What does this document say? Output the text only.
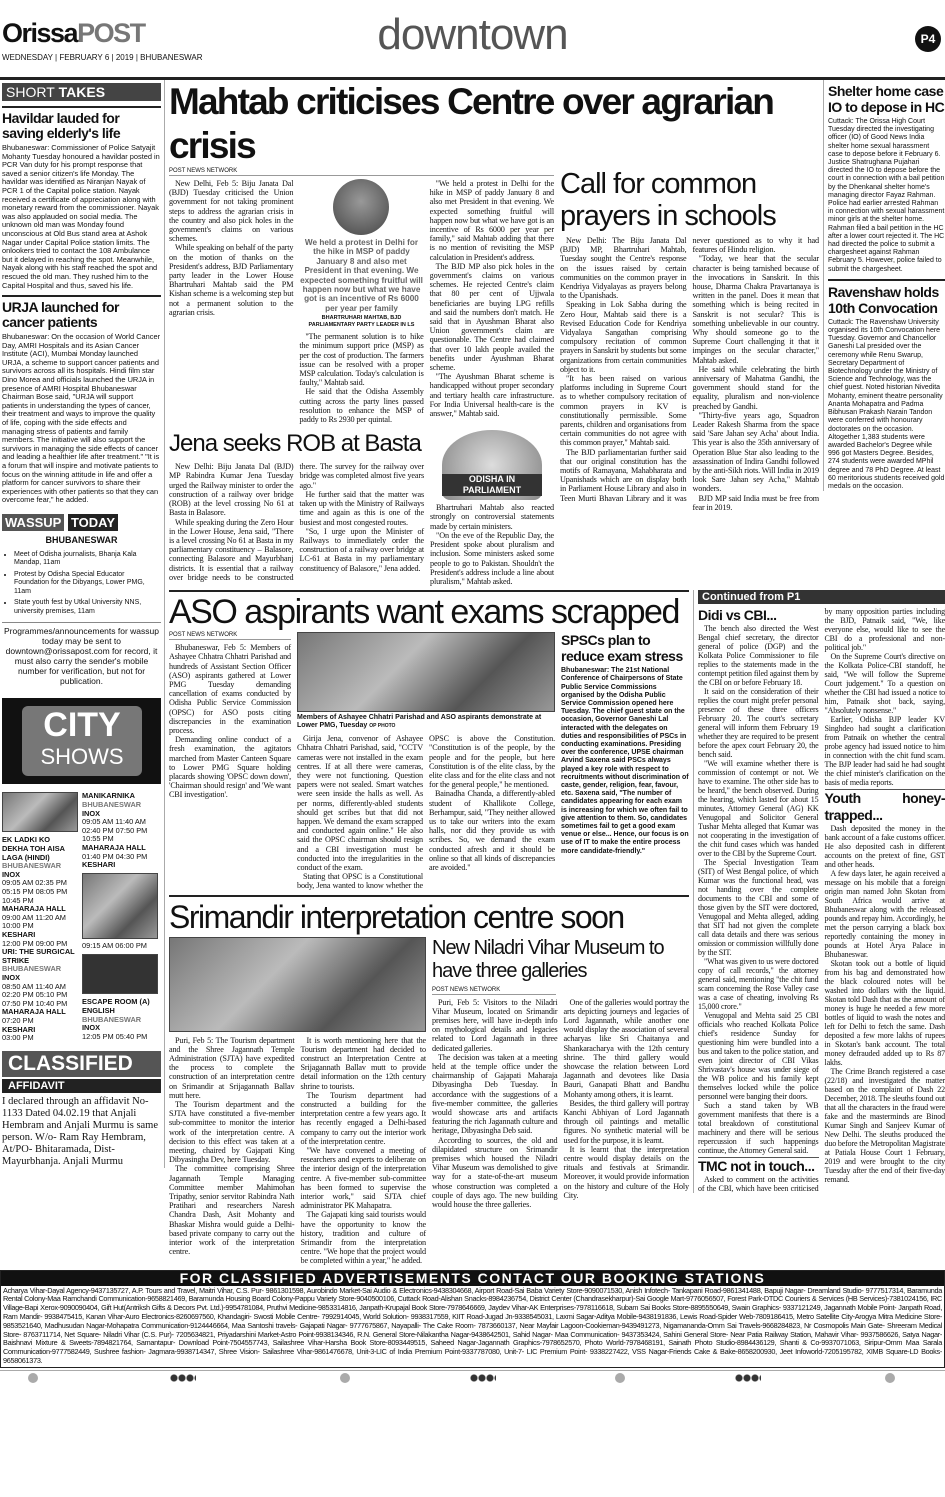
OrissaPOST
WEDNESDAY | FEBRUARY 6 | 2019 | BHUBANESWAR	downtown	P4
SHORT TAKES
Havildar lauded for saving elderly's life
Bhubaneswar: Commissioner of Police Satyajit Mohanty Tuesday honoured a havildar posted in PCR Van duty for his prompt response that saved a senior citizen's life Monday. The havildar was identified as Niranjan Nayak of PCR 1 of the Capital police station. Nayak received a certificate of appreciation along with monetary reward from the commissioner. Nayak was also applauded on social media. The unknown old man was Monday found unconscious at Old Bus stand area at Ashok Nagar under Capital Police station limits. The onlookers tried to contact the 108 Ambulance but it delayed in reaching the spot. Meanwhile, Nayak along with his staff reached the spot and rescued the old man. They rushed him to the Capital Hospital and thus, saved his life.
URJA launched for cancer patients
Bhubaneswar: On the occasion of World Cancer Day, AMRI Hospitals and its Asian Cancer Institute (ACI), Mumbai Monday launched URJA, a scheme to support cancer patients and survivors across all its hospitals. Hindi film star Dino Morea and officials launched the URJA in presence of AMRI Hospital Bhubaneswar Chairman Bose said, "URJA will support patients in understanding the types of cancer, their treatment and ways to improve the quality of life, coping with the side effects and managing stress of patients and family members. The initiative will also support the survivors in managing the side effects of cancer and leading a healthier life after treatment." "It is a forum that will inspire and motivate patients to focus on the winning attitude in life and offer a platform for cancer survivors to share their experiences with other patients so that they can overcome fear," he added.
WASSUP TODAY
BHUBANESWAR
• Meet of Odisha journalists, Bhanja Kala Mandap, 11am
• Protest by Odisha Special Educator Foundation for the Dibyangs, Lower PMG, 11am
• State youth fest by Utkal University NNS, university premises, 11am
Programmes/announcements for wassup today may be sent to downtown@orissapost.com for record, it must also carry the sender's mobile number for verification, but not for publication.
CITY
SHOWS
EK LADKI KO DEKHA TOH AISA LAGA (HINDI)
BHUBANESWAR
INOX
09:05 AM 02:35 PM 05:15 PM 08:05 PM 10:45 PM
MAHARAJA HALL
09:00 AM 11:20 AM 10:00 PM
KESHARI
12:00 PM 09:00 PM
URI: THE SURGICAL STRIKE
BHUBANESWAR
INOX
08:50 AM 11:40 AM 02:20 PM 05:10 PM 07:50 PM 10:40 PM
MAHARAJA HALL
07:20 PM
KESHARI
03:00 PM
MANIKARNIKA
BHUBANESWAR
INOX
09:05 AM 11:40 AM 02:40 PM 07:50 PM 10:55 PM
MAHARAJA HALL
01:40 PM 04:30 PM
KESHARI
09:15 AM 06:00 PM
ESCAPE ROOM (A) ENGLISH
BHUBANESWAR
INOX
12:05 PM 05:40 PM
CLASSIFIED
AFFIDAVIT
I declared through an affidavit No- 1133 Dated 04.02.19 that Anjali Hembram and Anjali Murmu is same person. W/o- Ram Ray Hembram, At/PO- Bhitaramada, Dist- Mayurbhanja. Anjali Murmu
Mahtab criticises Centre over agrarian crisis
POST NEWS NETWORK

New Delhi, Feb 5: Biju Janata Dal (BJD) Tuesday criticised the Union government for not taking prominent steps to address the agrarian crisis in the country and also pick holes in the government's claims on various schemes.

While speaking on behalf of the party on the motion of thanks on the President's address, BJD Parliamentary party leader in the Lower House Bhartruhari Mahtab said the PM Kishan scheme is a welcoming step but not a permanent solution to the agrarian crisis.

We held a protest in Delhi for the hike in MSP of paddy January 8 and also met President in that evening. We expected something fruitful will happen now but what we have got is an incentive of Rs 6000 per year per family
BHARTRUHARI MAHTAB, BJD PARLIAMENTARY PARTY LEADER IN LS

"The permanent solution is to hike the minimum support price (MSP) as per the cost of production. The farmers issue can be resolved with a proper MSP calculation. Today's calculation is faulty," Mahtab said.

He said that the Odisha Assembly cutting across the party lines passed resolution to enhance the MSP of paddy to Rs 2930 per quintal.

"We held a protest in Delhi for the hike in MSP of paddy January 8 and also met President in that evening. We expected something fruitful will happen now but what we have got is an incentive of Rs 6000 per year per family," said Mahtab adding that there is no mention of revisiting the MSP calculation in President's address.

The BJD MP also pick holes in the government's claims on various schemes. He rejected Centre's claim that 80 per cent of Ujjwala beneficiaries are buying LPG refills and said the numbers don't match. He said that in Ayushman Bharat also Union government's claim are questionable. The Centre had claimed that over 10 lakh people availed the benefits under Ayushman Bharat scheme.

"The Ayushman Bharat scheme is handicapped without proper secondary and tertiary health care infrastructure. For India Universal health-care is the answer," Mahtab said.

Jena seeks ROB at Basta

New Delhi: Biju Janata Dal (BJD) MP Rabindra Kumar Jena Tuesday urged the Railway minister to order the construction of a railway over bridge (ROB) at the level crossing No 61 at Basta in Balasore.

While speaking during the Zero Hour in the Lower House, Jena said, "There is a level crossing No 61 at Basta in my parliamentary constituency – Balasore, connecting Balasore and Mayurbhanj districts. It is essential that a railway over bridge needs to be constructed there. The survey for the railway over bridge was completed almost five years ago."

He further said that the matter was taken up with the Ministry of Railways time and again as this is one of the busiest and most congested routes.

"So, I urge upon the Minister of Railways to immediately order the construction of a railway over bridge at LC-61 at Basta in my parliamentary constituency of Balasore," Jena added.

ODISHA IN PARLIAMENT

Bhartruhari Mahtab also reacted strongly on controversial statements made by certain ministers.

"On the eve of the Republic Day, the President spoke about pluralism and inclusion. Some ministers asked some people to go to Pakistan. Shouldn't the President's address include a line about pluralism," Mahtab asked.

Call for common prayers in schools

New Delhi: The Biju Janata Dal (BJD) MP, Bhartruhari Mahtab, Tuesday sought the Centre's response on the issues raised by certain communities on the common prayer in Kendriya Vidyalayas as prayers belong to the Upanishads.

Speaking in Lok Sabha during the Zero Hour, Mahtab said there is a Revised Education Code for Kendriya Vidyalaya Sangathan comprising compulsory recitation of common prayers in Sanskrit by students but some organizations from certain communities object to it.

"It has been raised on various platforms including in Supreme Court as to whether compulsory recitation of common prayers in KV is constitutionally permissible. Some parents, children and organisations from certain communities do not agree with this common prayer," Mahtab said.

The BJD parliamentarian further said that our original constitution has the motifs of Ramayana, Mahabharata and Upanishads which are on display both in Parliament House Library and also in Teen Murti Bhavan Library and it was never questioned as to why it had features of Hindu religion.

"Today, we hear that the secular character is being tarnished because of the invocations in Sanskrit. In this house, Dharma Chakra Pravartanaya is written in the panel. Does it mean that something which is being recited in Sanskrit is not secular? This is something unbelievable in our country. Why should someone go to the Supreme Court challenging it that it impinges on the secular character," Mahtab asked.

He said while celebrating the birth anniversary of Mahatma Gandhi, the government should stand for the equality, pluralism and non-violence preached by Gandhi.

"Thirty-five years ago, Squadron Leader Rakesh Sharma from the space said 'Sare Jahan sey Acha' about India. This year is also the 35th anniversary of Operation Blue Star also leading to the assassination of Indira Gandhi followed by the anti-Sikh riots. Will India in 2019 look Sare Jahan sey Acha," Mahtab wonders.

BJD MP said India must be free from fear in 2019.

Shelter home case IO to depose in HC
Cuttack: The Orissa High Court Tuesday directed the investigating officer (IO) of Good News India shelter home sexual harassment case to depose before it February 6. Justice Shatrughana Pujahari directed the IO to depose before the court in connection with a bail petition by the Dhenkanal shelter home's managing director Fayaz Rahman. Police had earlier arrested Rahman in connection with sexual harassment minor girls at the shelter home. Rahman filed a bail petition in the HC after a lower court rejected it. The HC had directed the police to submit a chargesheet against Rahman February 5. However, police failed to submit the chargesheet.
Ravenshaw holds 10th Convocation
Cuttack: The Ravenshaw University organised its 10th Convocation here Tuesday. Governor and Chancellor Ganeshi Lal presided over the ceremony while Renu Swarup, Secretary Department of Biotechnology under the Ministry of Science and Technology, was the chief guest. Noted historian Nivedita Mohanty, eminent theatre personality Ananta Mohapatra and Padma Bibhusan Prakash Narain Tandon were conferred with honourary doctorates on the occasion. Altogether 1,383 students were awarded Bachelor's Degree while 996 got Masters Degree. Besides, 274 students were awarded MPhil degree and 78 PhD Degree. At least 60 meritorious students received gold medals on the occasion.
ASO aspirants want exams scrapped
POST NEWS NETWORK

Bhubaneswar, Feb 5: Members of Ashayee Chhatra Chhatri Parishad and hundreds of Assistant Section Officer (ASO) aspirants gathered at Lower PMG Tuesday demanding cancellation of exams conducted by Odisha Public Service Commission (OPSC) for ASO posts citing discrepancies in the examination process.

Demanding online conduct of a fresh examination, the agitators marched from Master Canteen Square to Lower PMG Square holding placards showing 'OPSC down down', 'Chairman should resign' and 'We want CBI investigation'.

Members of Ashayee Chhatri Parishad and ASO aspirants demonstrate at Lower PMG, Tuesday OP PHOTO

Girija Jena, convenor of Ashayee Chhatra Chhatri Parishad, said, "CCTV cameras were not installed in the exam centres. If at all there were cameras, they were not functioning. Question papers were not sealed. Smart watches were seen inside the halls as well. As per norms, differently-abled students should get scribes but that did not happen. We demand the exam scrapped and conducted again online." He also said the OPSC chairman should resign and a CBI investigation must be conducted into the irregularities in the conduct of the exam.

Stating that OPSC is a Constitutional body, Jena wanted to know whether the OPSC is above the Constitution. "Constitution is of the people, by the people and for the people, but here Constitution is of the elite class, by the elite class and for the elite class and not for the general people," he mentioned.

Bainadha Chanda, a differently-abled student of Khallikote College, Berhampur, said, "They neither allowed us to take our writers into the exam halls, nor did they provide us with scribes. So, we demand the exam conducted afresh and it should be online so that all kinds of discrepancies are avoided."

SPSCs plan to reduce exam stress
Bhubaneswar: The 21st National Conference of Chairpersons of State Public Service Commissions organised by the Odisha Public Service Commission opened here Tuesday. The chief guest state on the occasion, Governor Ganeshi Lal interacted with the delegates on duties and responsibilities of PSCs in conducting examinations. Presiding over the conference, UPSE chairman Arvind Saxena said PSCs always played a key role with respect to recruitments without discrimination of caste, gender, religion, fear, favour, etc. Saxena said, "The number of candidates appearing for each exam is increasing for which we often fail to give attention to them. So, candidates sometimes fail to get a good exam venue or else... Hence, our focus is on use of IT to make the entire process more candidate-friendly."
Srimandir interpretation centre soon

Puri, Feb 5: The Tourism department and the Shree Jagannath Temple Administration (SJTA) have expedited the process to complete the construction of an interpretation centre on Srimandir at Srijagannath Ballav mutt here.

The Tourism department and the SJTA have constituted a five-member sub-committee to monitor the interior work of the interpretation centre. A decision to this effect was taken at a meeting, chaired by Gajapati King Dibyasingha Dev, here Tuesday.

The committee comprising Shree Jagannath Temple Managing Committee member Mahimohan Tripathy, senior servitor Rabindra Nath Pratihari and researchers Naresh Chandra Dash, Asit Mohanty and Bhaskar Mishra would guide a Delhi-based private company to carry out the interior work of the interpretation centre.

It is worth mentioning here that the Tourism department had decided to construct an Interpretation Centre at Srijagannath Ballav mutt to provide detail information on the 12th century shrine to tourists.

The Tourism department had constructed a building for the interpretation centre a few years ago. It has recently engaged a Delhi-based company to carry out the interior work of the interpretation centre.

"We have convened a meeting of researchers and experts to deliberate on the interior design of the interpretation centre. A five-member sub-committee has been formed to supervise the interior work," said SJTA chief administrator PK Mahapatra.

The Gajapati king said tourists would have the opportunity to know the history, tradition and culture of Srimandir from the interpretation centre. "We hope that the project would be completed within a year," he added.

New Niladri Vihar Museum to have three galleries
POST NEWS NETWORK

Puri, Feb 5: Visitors to the Niladri Vihar Museum, located on Srimandir premises here, will have in-depth info on mythological details and legacies related to Lord Jagannath in three dedicated galleries.

The decision was taken at a meeting held at the temple office under the chairmanship of Gajapati Maharaja Dibyasingha Deb Tuesday. In accordance with the suggestions of a five-member committee, the galleries would showcase arts and artifacts featuring the rich Jagannath culture and heritage, Dibyasingha Deb said.

According to sources, the old and dilapidated structure on Srimandir premises which housed the Niladri Vihar Museum was demolished to give way for a state-of-the-art museum whose construction was completed a couple of days ago. The new building would house the three galleries.

One of the galleries would portray the arts depicting journeys and legacies of Lord Jagannath, while another one would display the association of several acharyas like Sri Chaitanya and Shankaracharya with the 12th century shrine. The third gallery would showcase the relation between Lord Jagannath and devotees like Dasia Bauri, Ganapati Bhatt and Bandhu Mohanty among others, it is learnt.

Besides, the third gallery will portray Kanchi Abhiyan of Lord Jagannath through oil paintings and metallic figures. No synthetic material will be used for the purpose, it is learnt.

It is learnt that the interpretation centre would display details on the rituals and festivals at Srimandir. Moreover, it would provide information on the history and culture of the Holy City.

Continued from P1
Didi vs CBI...

The bench also directed the West Bengal chief secretary, the director general of police (DGP) and the Kolkata Police Commissioner to file replies to the statements made in the contempt petition filed against them by the CBI on or before February 18.

It said on the consideration of their replies the court might prefer personal presence of these three officers February 20. The court's secretary general will inform them February 19 whether they are required to be present before the apex court February 20, the bench said.

"We will examine whether there is commission of contempt or not. We have to examine. The other side has to be heard," the bench observed. During the hearing, which lasted for about 15 minutes, Attorney General (AG) KK Venugopal and Solicitor General Tushar Mehta alleged that Kumar was not cooperating in the investigation of the chit fund cases which was handed over to the CBI by the Supreme Court.

The Special Investigation Team (SIT) of West Bengal police, of which Kumar was the functional head, was not handing over the complete documents to the CBI and some of those given by the SIT were doctored, Venugopal and Mehta alleged, adding that SIT had not given the complete call data details and there was serious omission or commission willfully done by the SIT.

"What was given to us were doctored copy of call records," the attorney general said, mentioning "the chit fund scam concerning the Rose Valley case was a case of cheating, involving Rs 15,000 crore."

Venugopal and Mehta said 25 CBI officials who reached Kolkata Police chief's residence Sunday for questioning him were bundled into a bus and taken to the police station, and even joint director of CBI Vikas Shrivastav's house was under siege of the WB police and his family kept themselves locked while the police personnel were banging their doors.

Such a stand taken by WB government manifests that there is a total breakdown of constitutional machinery and there will be serious repercussion if such happenings continue, the Attorney General said.

TMC not in touch...

Asked to comment on the activities of the CBI, which have been criticised by many opposition parties including the BJD, Patnaik said, "We, like everyone else, would like to see the CBI do a professional and non-political job."

On the Supreme Court's directive on the Kolkata Police-CBI standoff, he said, "We will follow the Supreme Court judgement." To a question on whether the CBI had issued a notice to him, Patnaik shot back, saying, "Absolutely nonsense."

Earlier, Odisha BJP leader KV Singhdeo had sought a clarification from Patnaik on whether the central probe agency had issued notice to him in connection with the chit fund scam. The BJP leader had said he had sought the chief minister's clarification on the basis of media reports.

Youth honey-trapped...

Dash deposited the money in the bank account of a fake customs officer. He also deposited cash in different accounts on the pretext of fine, GST and other heads.

A few days later, he again received a message on his mobile that a foreign origin man named John Skotan from South Africa would arrive at Bhubaneswar along with the released pounds and repay him. Accordingly, he met the person carrying a black box reportedly containing the money in pounds at Hotel Arya Palace in Bhubaneswar.

Skotan took out a bottle of liquid from his bag and demonstrated how the black coloured notes will be washed into dollars with the liquid. Skotan told Dash that as the amount of money is huge he needed a few more bottles of liquid to wash the notes and left for Delhi to fetch the same. Dash deposited a few more lakhs of rupees in Skotan's bank account. The total money defrauded added up to Rs 87 lakhs.

The Crime Branch registered a case (22/18) and investigated the matter based on the complaint of Dash 22 December, 2018. The sleuths found out that all the characters in the fraud were fake and the masterminds are Binod Kumar Singh and Sanjeev Kumar of New Delhi. The sleuths produced the duo before the Metropolitan Magistrate at Patiala House Court 1 February, 2019 and were brought to the city Tuesday after the end of their five-day remand.

FOR CLASSIFIED ADVERTISEMENTS CONTACT OUR BOOKING STATIONS
Acharya Vihar-Dayal Agency-9437135727, A.P. Tours and Travel, Maitri Vihar, C.S. Pur- 9861301598, Aurobindo Market-Sai Audio & Electronics-9438304668, Airport Road-Sai Baba Variety Store-9090071530, Anish Infotech- Tankapani Road-9861341488, Bapuji Nagar- Dreamland Studio- 9777517314, Baramunda Rental Colony-Maa Ramchandi Communication-9658821469, Baramunda Housing Board Colony-Pappu Variety Store-9040500106, Cuttack Road-Alishan Snacks-8984236754, District Center (Chandrasekharpur)-Sai Google Mart-9776056507, Forest Park-DTDC Couriers & Services (HB Services)-7381024156, IRC Village-Bapi Xerox-9090090404, Gift Hut(Antriksh Gifts & Decors Pvt. Ltd.)-9954781084, Pruthvi Medicine-9853314816, Janpath-Krupajal Book Store-7978646669, Jaydev Vihar-AK Enterprises-7978116618, Subam Sai Books Store-8895550649, Swain Graphics- 9337121249, Jagannath Mobile Point- Janpath Road, Ram Mandir- 9938475415, Kanan Vihar-Auro Electronics-8260697560, Khandagiri- Swosti Mobile Centre- 7992914045, World Solution- 9938317559, KIIT Road-Jugad Jn-9338545031, Laxmi Sagar-Aditya Mobile-9438191836, Lewis Road-Spider Web-7809186415, Metro Satellite City-Arogya Mitra Medicine Store-9853521640, Madhusudan Nagar-Mohapatra Communication-9124446664, Maa Santoshi travels- Gajapati Nagar- 9777675867, Nayapalli- The Cake Room- 7873660137, Near Mayfair Lagoon-Cookieman-9439491273, Nigamananda-Omm Sai Travels-9668284823, Nr Cosmopolis Main Gate- Shreeram Medical Store- 8763711714, Net Square- Niladri Vihar (C.S. Pur)- 7205634821, Priyadarshini Market-Astro Point-9938134346, R.N. General Store-Nilakantha Nagar-9438642501, Sahid Nagar- Maa Communication- 9437353424, Sahini General Store- Near Patia Railway Station, Mahavir Vihar- 9937586626, Satya Nagar-Baishnavi Mixture & Sweets-7894821764, Samantapur- Download Point-7504557743, Sailashree Vihar-Harsha Book Store-8093449515, Saheed Nagar-Jagannath Graphics-7978652570, Photo World-7978468191, Sainath Photo Studio-8984436129, Shanti & Co-9937071063, Siripur-Omm Maa Sarala Communication-9777582449, Sushree fashion- Jagmara-9938714347, Shree Vision- Sailashree Vihar-9861476678, Unit-3-LIC of India Premium Point-9337787080, Unit-7- LIC Premium Point- 9338227422, VSS Nagar-Friends Cake & Bake-8658200930, Jeet Infoworld-7205195782, XIMB Square-LD Books-9658061373.
